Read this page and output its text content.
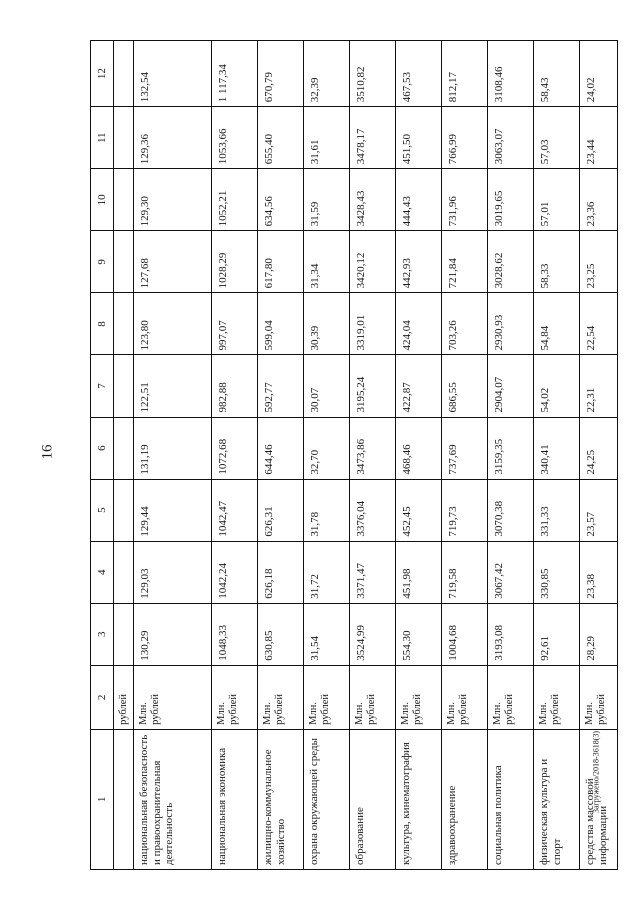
16
1	2	3	4	5	6	7	8	9	10	11	12
	рублей										
национальная безопасность и правоохранительная деятельность	Млн. рублей	130,29	129,03	129,44	131,19	122,51	123,80	127,68	129,30	129,36	132,54
национальная экономика	Млн. рублей	1048,33	1042,24	1042,47	1072,68	982,88	997,07	1028,29	1052,21	1053,66	1 117,34
жилищно-коммунальное хозяйство	Млн. рублей	630,85	626,18	626,31	644,46	592,77	599,04	617,80	634,56	655,40	670,79
охрана окружающей среды	Млн. рублей	31,54	31,72	31,78	32,70	30,07	30,39	31,34	31,59	31,61	32,39
образование	Млн. рублей	3524,99	3371,47	3376,04	3473,86	3195,24	3319,01	3420,12	3428,43	3478,17	3510,82
культура, кинематография	Млн. рублей	554,30	451,98	452,45	468,46	422,87	424,04	442,93	444,43	451,50	467,53
здравоохранение	Млн. рублей	1004,68	719,58	719,73	737,69	686,55	703,26	721,84	731,96	766,99	812,17
социальная политика	Млн. рублей	3193,08	3067,42	3070,38	3159,35	2904,07	2930,93	3028,62	3019,65	3063,07	3108,46
физическая культура и спорт	Млн. рублей	92,61	330,85	331,33	340,41	54,02	54,84	58,33	57,01	57,03	58,43
средства массовой информации	Млн. рублей	28,29	23,38	23,57	24,25	22,31	22,54	23,25	23,36	23,44	24,02
Загружено/2018-3618(3)
